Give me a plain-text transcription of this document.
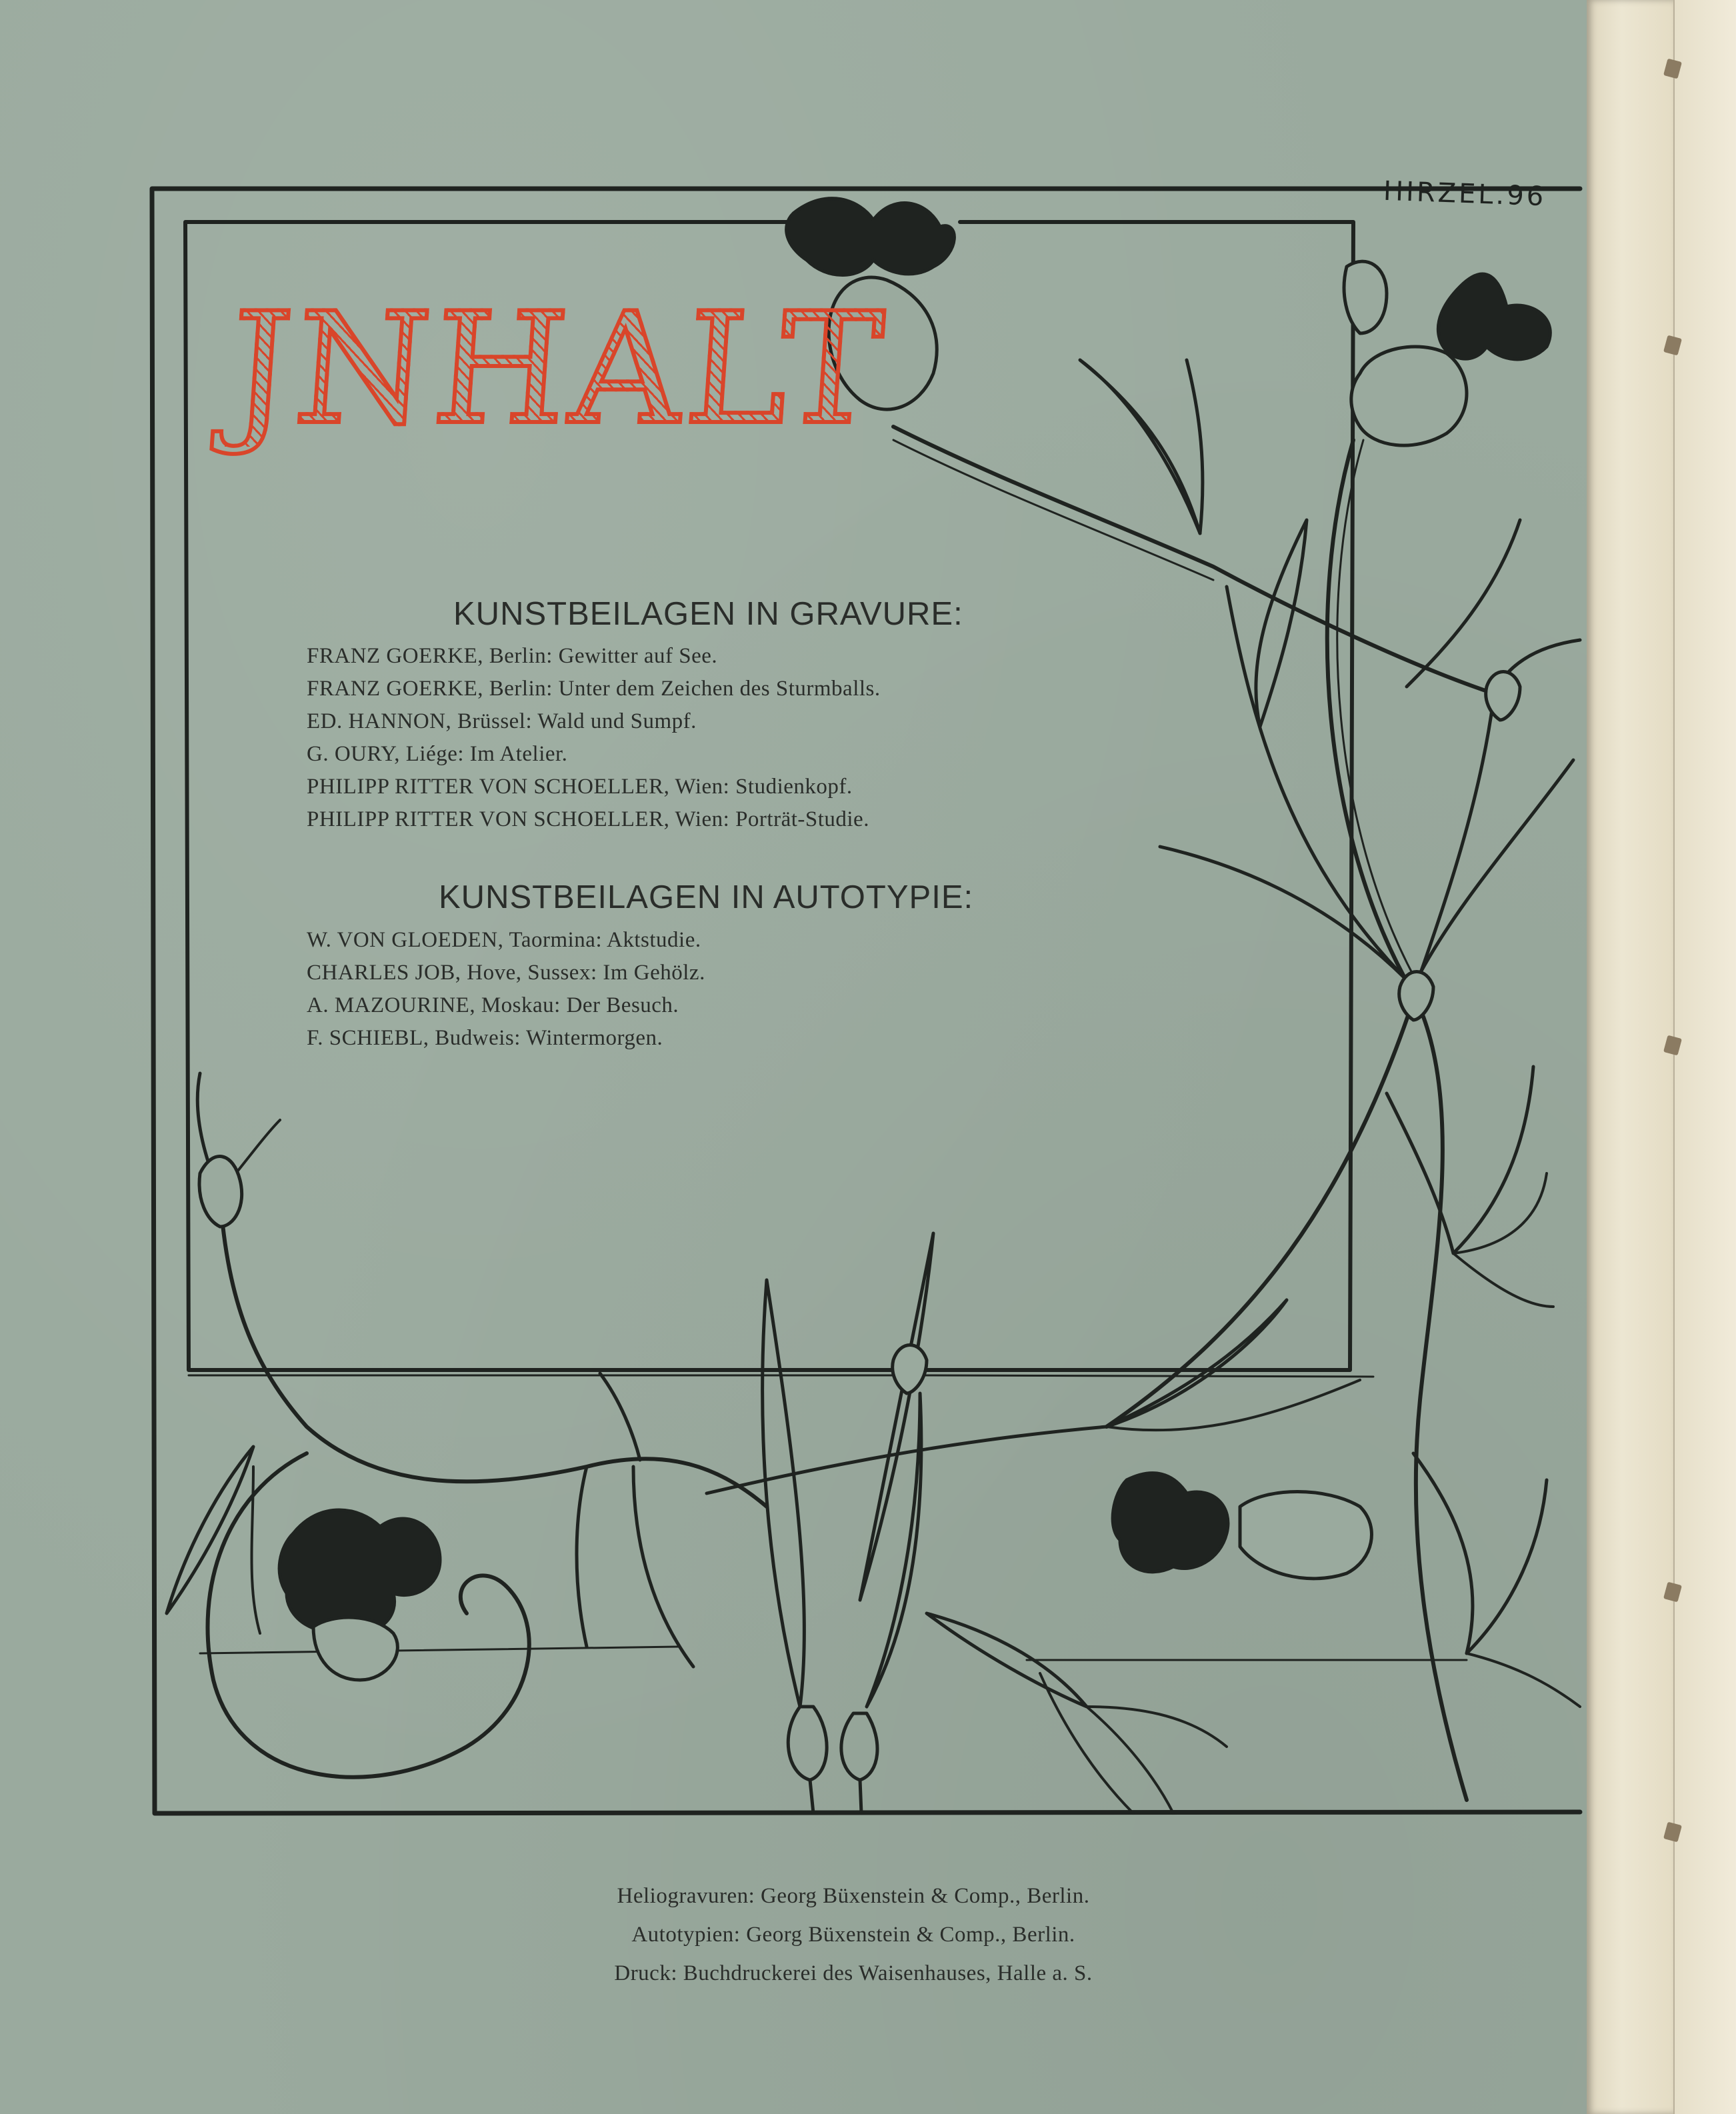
HIRZEL.96
JNHALT
KUNSTBEILAGEN IN GRAVURE:
FRANZ GOERKE, Berlin: Gewitter auf See.
FRANZ GOERKE, Berlin: Unter dem Zeichen des Sturmballs.
ED. HANNON, Brüssel: Wald und Sumpf.
G. OURY, Liége: Im Atelier.
PHILIPP RITTER VON SCHOELLER, Wien: Studienkopf.
PHILIPP RITTER VON SCHOELLER, Wien: Porträt-Studie.
KUNSTBEILAGEN IN AUTOTYPIE:
W. VON GLOEDEN, Taormina: Aktstudie.
CHARLES JOB, Hove, Sussex: Im Gehölz.
A. MAZOURINE, Moskau: Der Besuch.
F. SCHIEBL, Budweis: Wintermorgen.
Heliogravuren: Georg Büxenstein & Comp., Berlin.
Autotypien: Georg Büxenstein & Comp., Berlin.
Druck: Buchdruckerei des Waisenhauses, Halle a. S.
